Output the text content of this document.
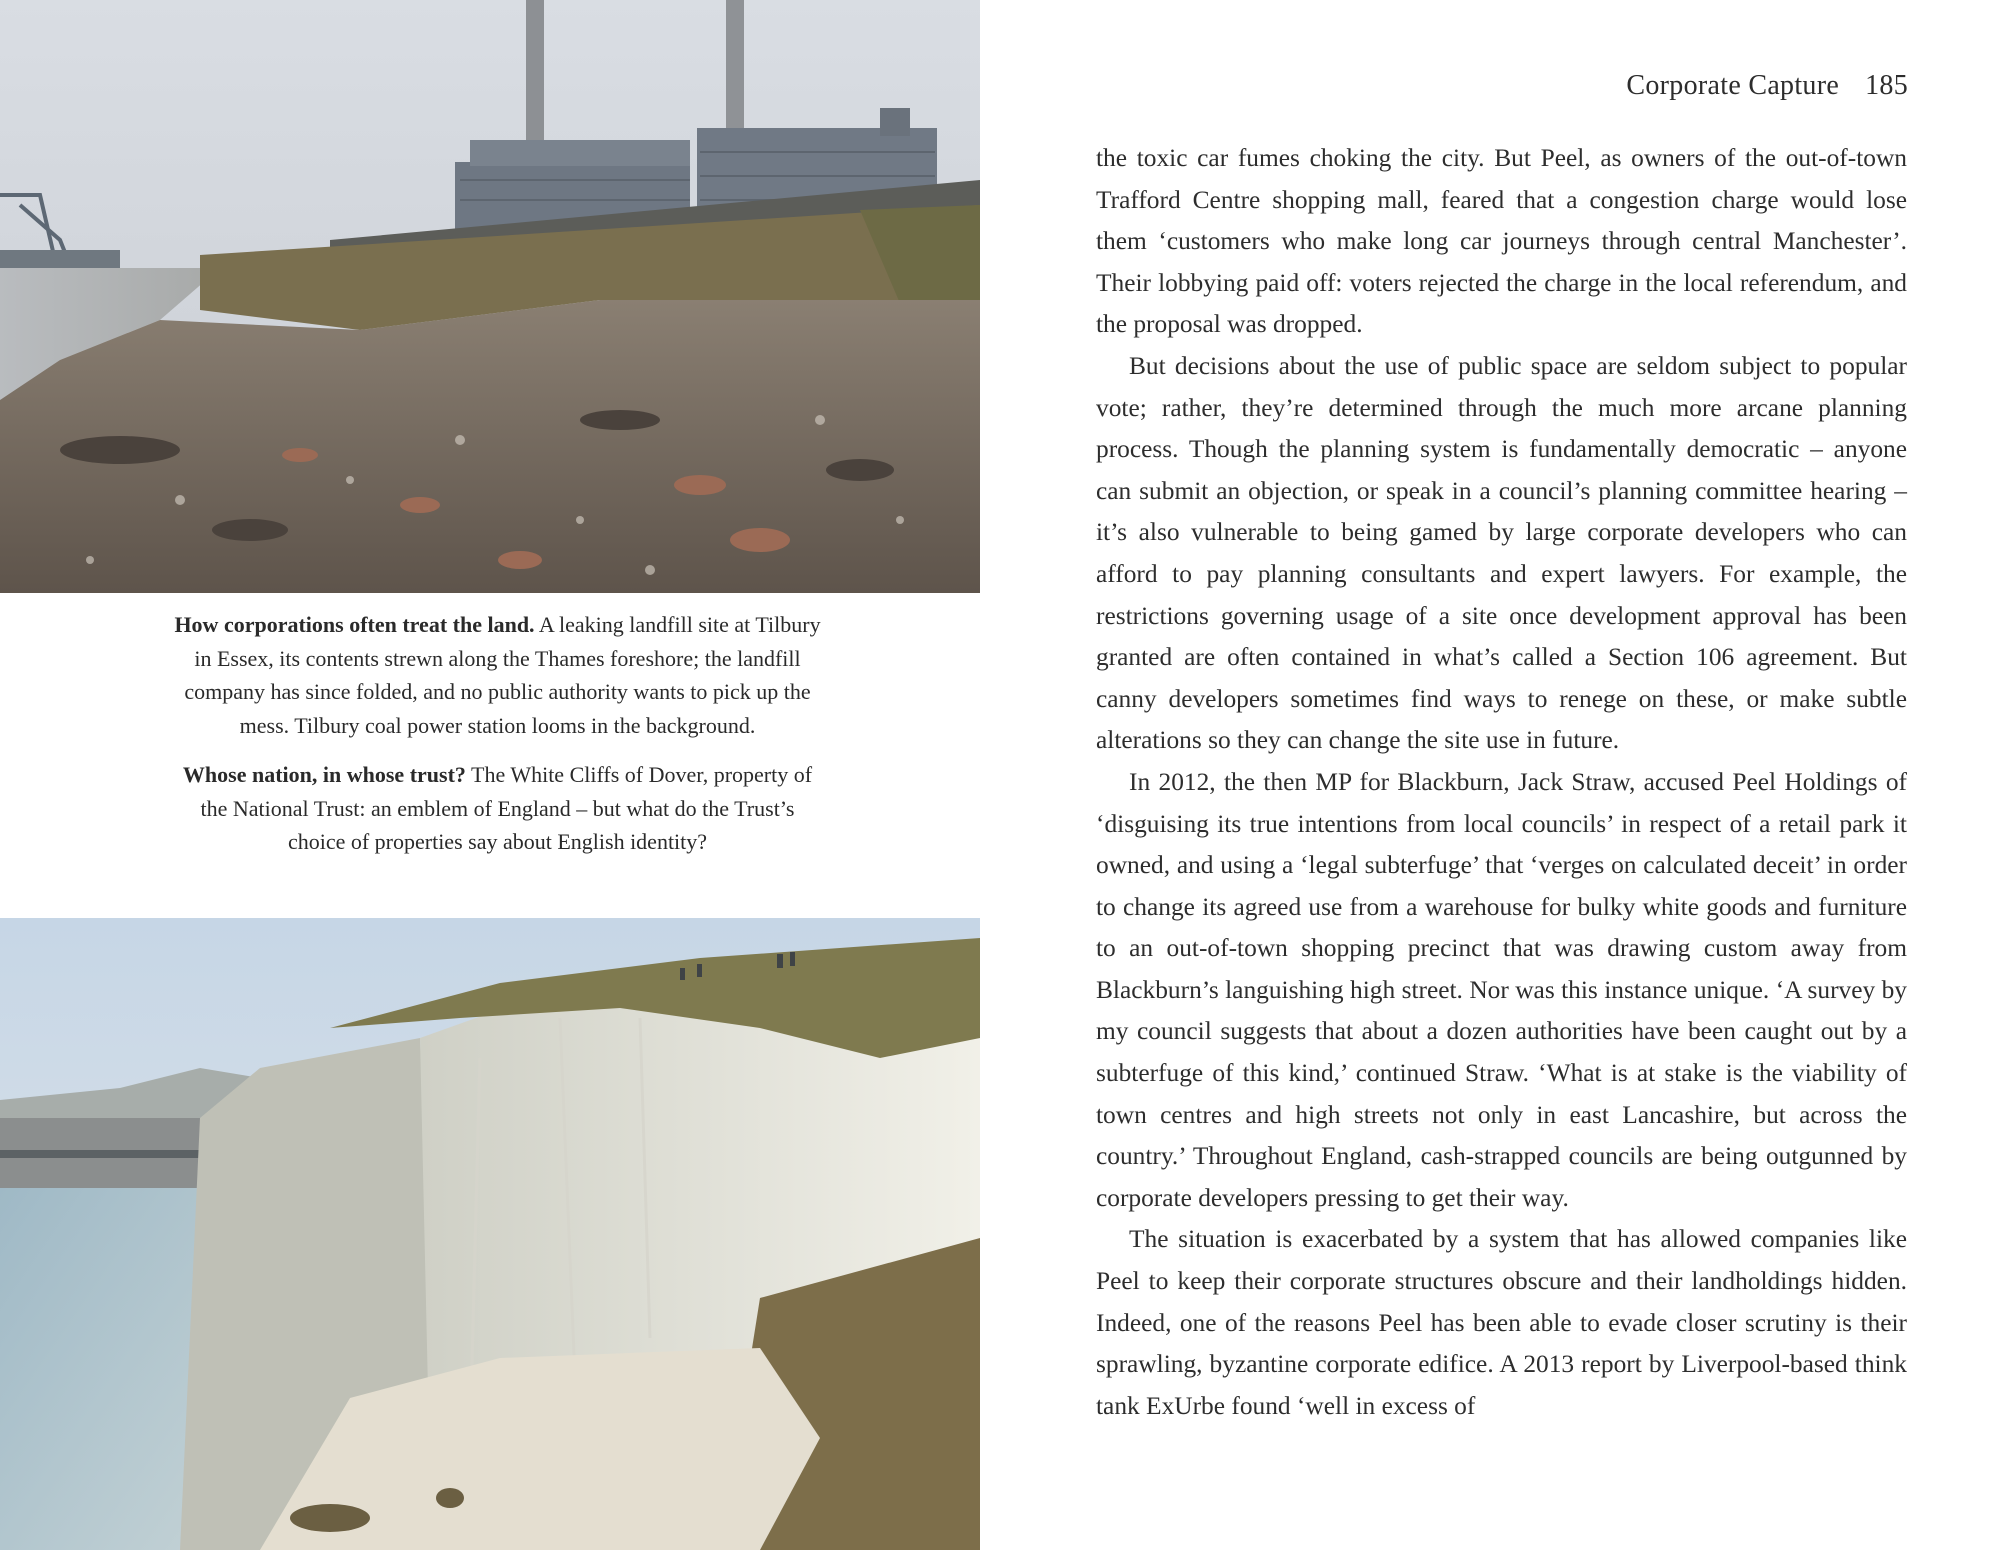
How corporations often treat the land. A leaking landfill site at Tilbury in Essex, its contents strewn along the Thames foreshore; the landfill company has since folded, and no public authority wants to pick up the mess. Tilbury coal power station looms in the background.

Whose nation, in whose trust? The White Cliffs of Dover, property of the National Trust: an emblem of England – but what do the Trust’s choice of properties say about English identity?

Corporate Capture 185

the toxic car fumes choking the city. But Peel, as owners of the out-of-town Trafford Centre shopping mall, feared that a congestion charge would lose them ‘customers who make long car journeys through central Manchester’. Their lobbying paid off: voters rejected the charge in the local referendum, and the proposal was dropped.

But decisions about the use of public space are seldom subject to popular vote; rather, they’re determined through the much more arcane planning process. Though the planning system is fundamentally democratic – anyone can submit an objection, or speak in a council’s planning committee hearing – it’s also vulnerable to being gamed by large corporate developers who can afford to pay planning consultants and expert lawyers. For example, the restrictions governing usage of a site once development approval has been granted are often contained in what’s called a Section 106 agreement. But canny developers sometimes find ways to renege on these, or make subtle alterations so they can change the site use in future.

In 2012, the then MP for Blackburn, Jack Straw, accused Peel Holdings of ‘disguising its true intentions from local councils’ in respect of a retail park it owned, and using a ‘legal subterfuge’ that ‘verges on calculated deceit’ in order to change its agreed use from a warehouse for bulky white goods and furniture to an out-of-town shopping precinct that was drawing custom away from Blackburn’s languishing high street. Nor was this instance unique. ‘A survey by my council suggests that about a dozen authorities have been caught out by a subterfuge of this kind,’ continued Straw. ‘What is at stake is the viability of town centres and high streets not only in east Lancashire, but across the country.’ Throughout England, cash-strapped councils are being outgunned by corporate developers pressing to get their way.

The situation is exacerbated by a system that has allowed companies like Peel to keep their corporate structures obscure and their landholdings hidden. Indeed, one of the reasons Peel has been able to evade closer scrutiny is their sprawling, byzantine corporate edifice. A 2013 report by Liverpool-based think tank ExUrbe found ‘well in excess of
